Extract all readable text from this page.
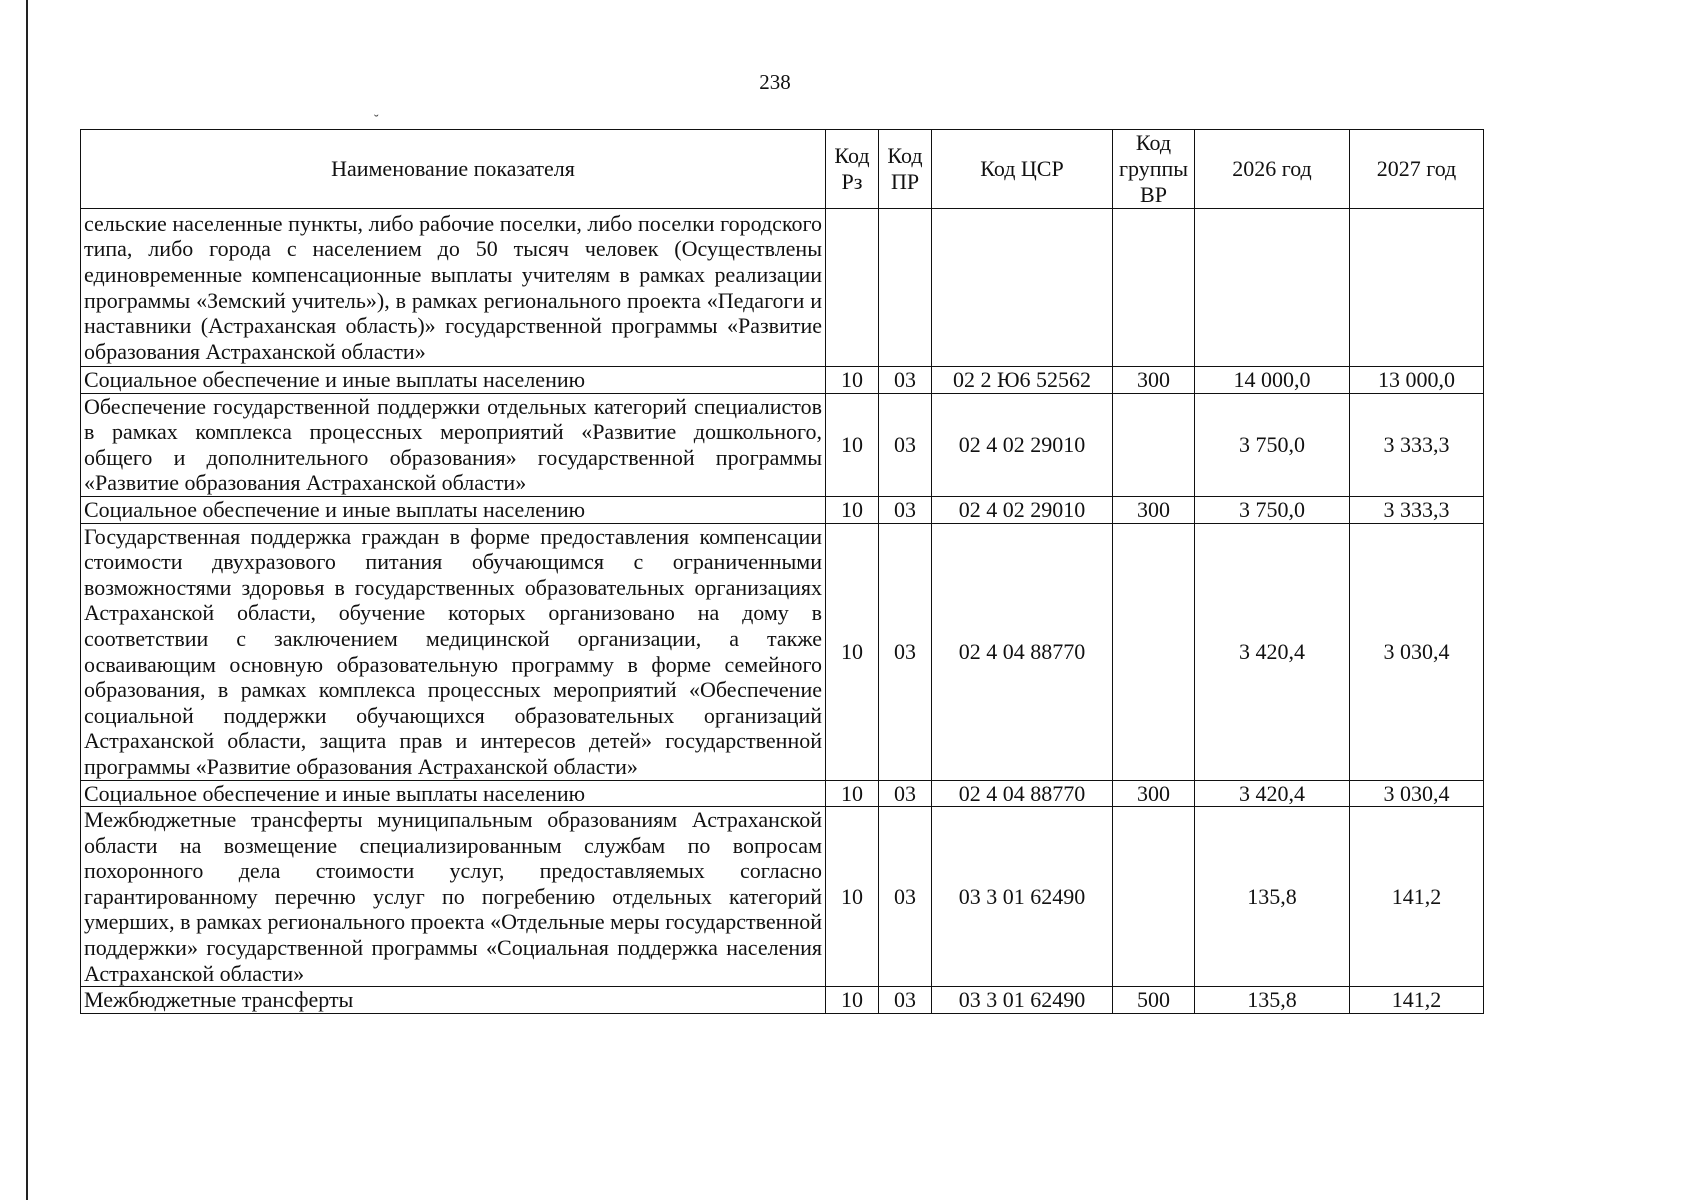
238
˘
Наименование показателя	Код Рз	Код ПР	Код ЦСР	Код группы ВР	2026 год	2027 год
сельские населенные пункты, либо рабочие поселки, либо поселки городского типа, либо города с населением до 50 тысяч человек (Осуществлены единовременные компенсационные выплаты учителям в рамках реализации программы «Земский учитель»), в рамках регионального проекта «Педагоги и наставники (Астраханская область)» государственной программы «Развитие образования Астраханской области»						
Социальное обеспечение и иные выплаты населению	10	03	02 2 Ю6 52562	300	14 000,0	13 000,0
Обеспечение государственной поддержки отдельных категорий специалистов в рамках комплекса процессных мероприятий «Развитие дошкольного, общего и дополнительного образования» государственной программы «Развитие образования Астраханской области»	10	03	02 4 02 29010		3 750,0	3 333,3
Социальное обеспечение и иные выплаты населению	10	03	02 4 02 29010	300	3 750,0	3 333,3
Государственная поддержка граждан в форме предоставления компенсации стоимости двухразового питания обучающимся с ограниченными возможностями здоровья в государственных образовательных организациях Астраханской области, обучение которых организовано на дому в соответствии с заключением медицинской организации, а также осваивающим основную образовательную программу в форме семейного образования, в рамках комплекса процессных мероприятий «Обеспечение социальной поддержки обучающихся образовательных организаций Астраханской области, защита прав и интересов детей» государственной программы «Развитие образования Астраханской области»	10	03	02 4 04 88770		3 420,4	3 030,4
Социальное обеспечение и иные выплаты населению	10	03	02 4 04 88770	300	3 420,4	3 030,4
Межбюджетные трансферты муниципальным образованиям Астраханской области на возмещение специализированным службам по вопросам похоронного дела стоимости услуг, предоставляемых согласно гарантированному перечню услуг по погребению отдельных категорий умерших, в рамках регионального проекта «Отдельные меры государственной поддержки» государственной программы «Социальная поддержка населения Астраханской области»	10	03	03 3 01 62490		135,8	141,2
Межбюджетные трансферты	10	03	03 3 01 62490	500	135,8	141,2
